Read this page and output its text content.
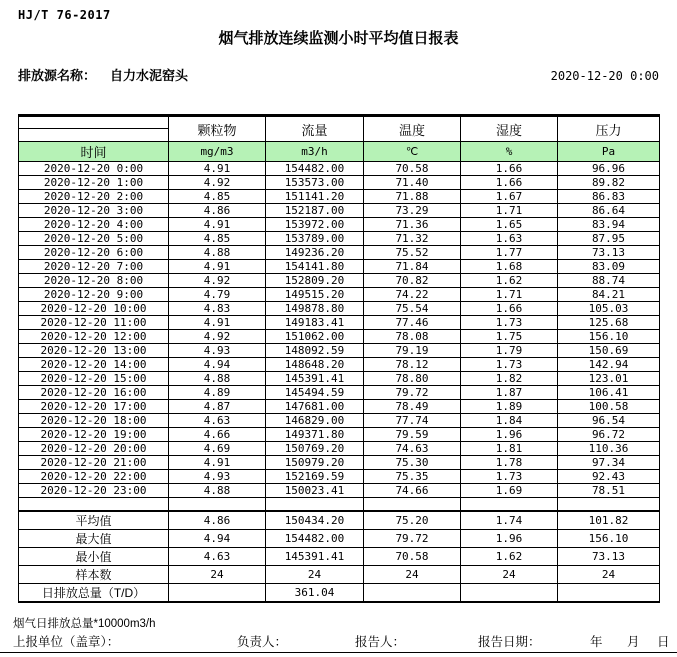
HJ/T 76-2017
烟气排放连续监测小时平均值日报表
排放源名称： 自力水泥窑头	2020-12-20 0:00
	颗粒物	流量	温度	湿度	压力

时间	mg/m3	m3/h	℃	%	Pa
2020-12-20 0:00	4.91	154482.00	70.58	1.66	96.96
2020-12-20 1:00	4.92	153573.00	71.40	1.66	89.82
2020-12-20 2:00	4.85	151141.20	71.88	1.67	86.83
2020-12-20 3:00	4.86	152187.00	73.29	1.71	86.64
2020-12-20 4:00	4.91	153972.00	71.36	1.65	83.94
2020-12-20 5:00	4.85	153789.00	71.32	1.63	87.95
2020-12-20 6:00	4.88	149236.20	75.52	1.77	73.13
2020-12-20 7:00	4.91	154141.80	71.84	1.68	83.09
2020-12-20 8:00	4.92	152809.20	70.82	1.62	88.74
2020-12-20 9:00	4.79	149515.20	74.22	1.71	84.21
2020-12-20 10:00	4.83	149878.80	75.54	1.66	105.03
2020-12-20 11:00	4.91	149183.41	77.46	1.73	125.68
2020-12-20 12:00	4.92	151062.00	78.08	1.75	156.10
2020-12-20 13:00	4.93	148092.59	79.19	1.79	150.69
2020-12-20 14:00	4.94	148648.20	78.12	1.73	142.94
2020-12-20 15:00	4.88	145391.41	78.80	1.82	123.01
2020-12-20 16:00	4.89	145494.59	79.72	1.87	106.41
2020-12-20 17:00	4.87	147681.00	78.49	1.89	100.58
2020-12-20 18:00	4.63	146829.00	77.74	1.84	96.54
2020-12-20 19:00	4.66	149371.80	79.59	1.96	96.72
2020-12-20 20:00	4.69	150769.20	74.63	1.81	110.36
2020-12-20 21:00	4.91	150979.20	75.30	1.78	97.34
2020-12-20 22:00	4.93	152169.59	75.35	1.73	92.43
2020-12-20 23:00	4.88	150023.41	74.66	1.69	78.51

平均值	4.86	150434.20	75.20	1.74	101.82
最大值	4.94	154482.00	79.72	1.96	156.10
最小值	4.63	145391.41	70.58	1.62	73.13
样本数	24	24	24	24	24
日排放总量（T/D）		361.04			
烟气日排放总量*10000m3/h
上报单位（盖章）：	负责人：	报告人：	报告日期：	年 月 日
